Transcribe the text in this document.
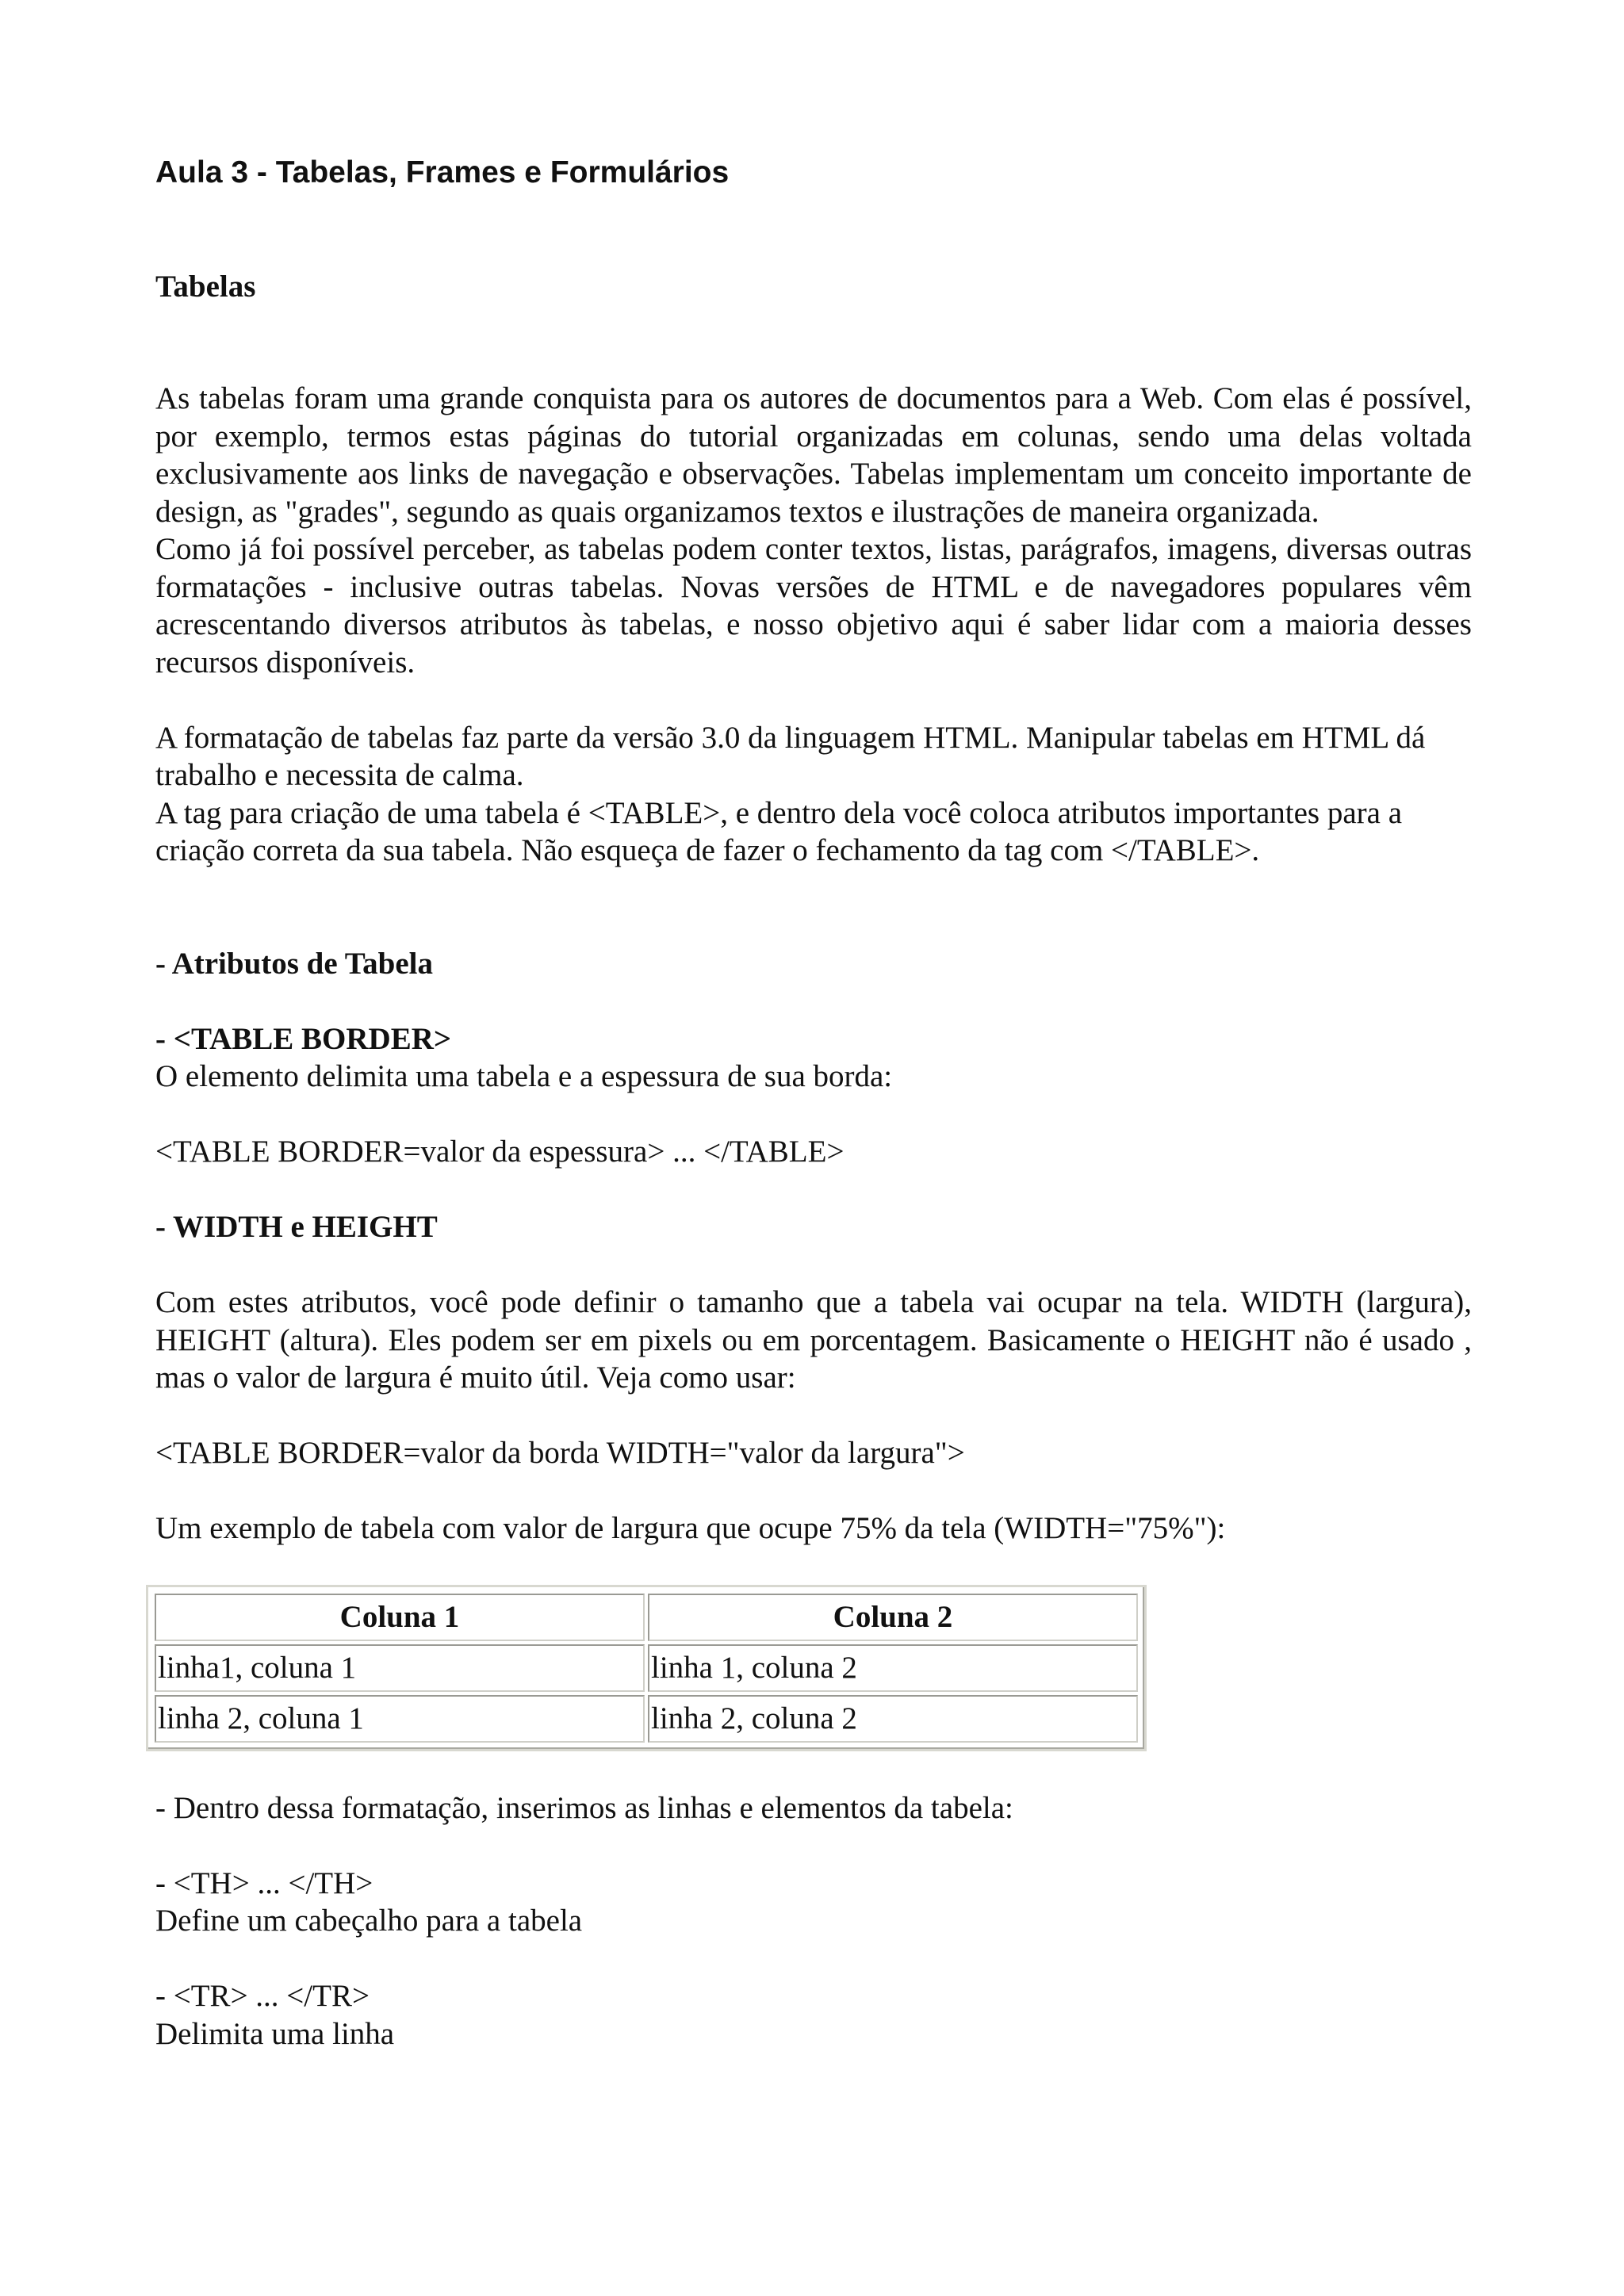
Aula 3 - Tabelas, Frames e Formulários
Tabelas

As tabelas foram uma grande conquista para os autores de documentos para a Web. Com elas é possível, por exemplo, termos estas páginas do tutorial organizadas em colunas, sendo uma delas voltada exclusivamente aos links de navegação e observações. Tabelas implementam um conceito importante de design, as "grades", segundo as quais organizamos textos e ilustrações de maneira organizada.

Como já foi possível perceber, as tabelas podem conter textos, listas, parágrafos, imagens, diversas outras formatações - inclusive outras tabelas. Novas versões de HTML e de navegadores populares vêm acrescentando diversos atributos às tabelas, e nosso objetivo aqui é saber lidar com a maioria desses recursos disponíveis.

A formatação de tabelas faz parte da versão 3.0 da linguagem HTML. Manipular tabelas em HTML dá trabalho e necessita de calma.

A tag para criação de uma tabela é <TABLE>, e dentro dela você coloca atributos importantes para a criação correta da sua tabela. Não esqueça de fazer o fechamento da tag com </TABLE>.

- Atributos de Tabela

- <TABLE BORDER>

O elemento delimita uma tabela e a espessura de sua borda:

<TABLE BORDER=valor da espessura> ... </TABLE>

- WIDTH e HEIGHT

Com estes atributos, você pode definir o tamanho que a tabela vai ocupar na tela. WIDTH (largura), HEIGHT (altura). Eles podem ser em pixels ou em porcentagem. Basicamente o HEIGHT não é usado , mas o valor de largura é muito útil. Veja como usar:

<TABLE BORDER=valor da borda WIDTH="valor da largura">

Um exemplo de tabela com valor de largura que ocupe 75% da tela (WIDTH="75%"):

Coluna 1	Coluna 2
linha1, coluna 1	linha 1, coluna 2
linha 2, coluna 1	linha 2, coluna 2

- Dentro dessa formatação, inserimos as linhas e elementos da tabela:

- <TH> ... </TH>

Define um cabeçalho para a tabela

- <TR> ... </TR>

Delimita uma linha
